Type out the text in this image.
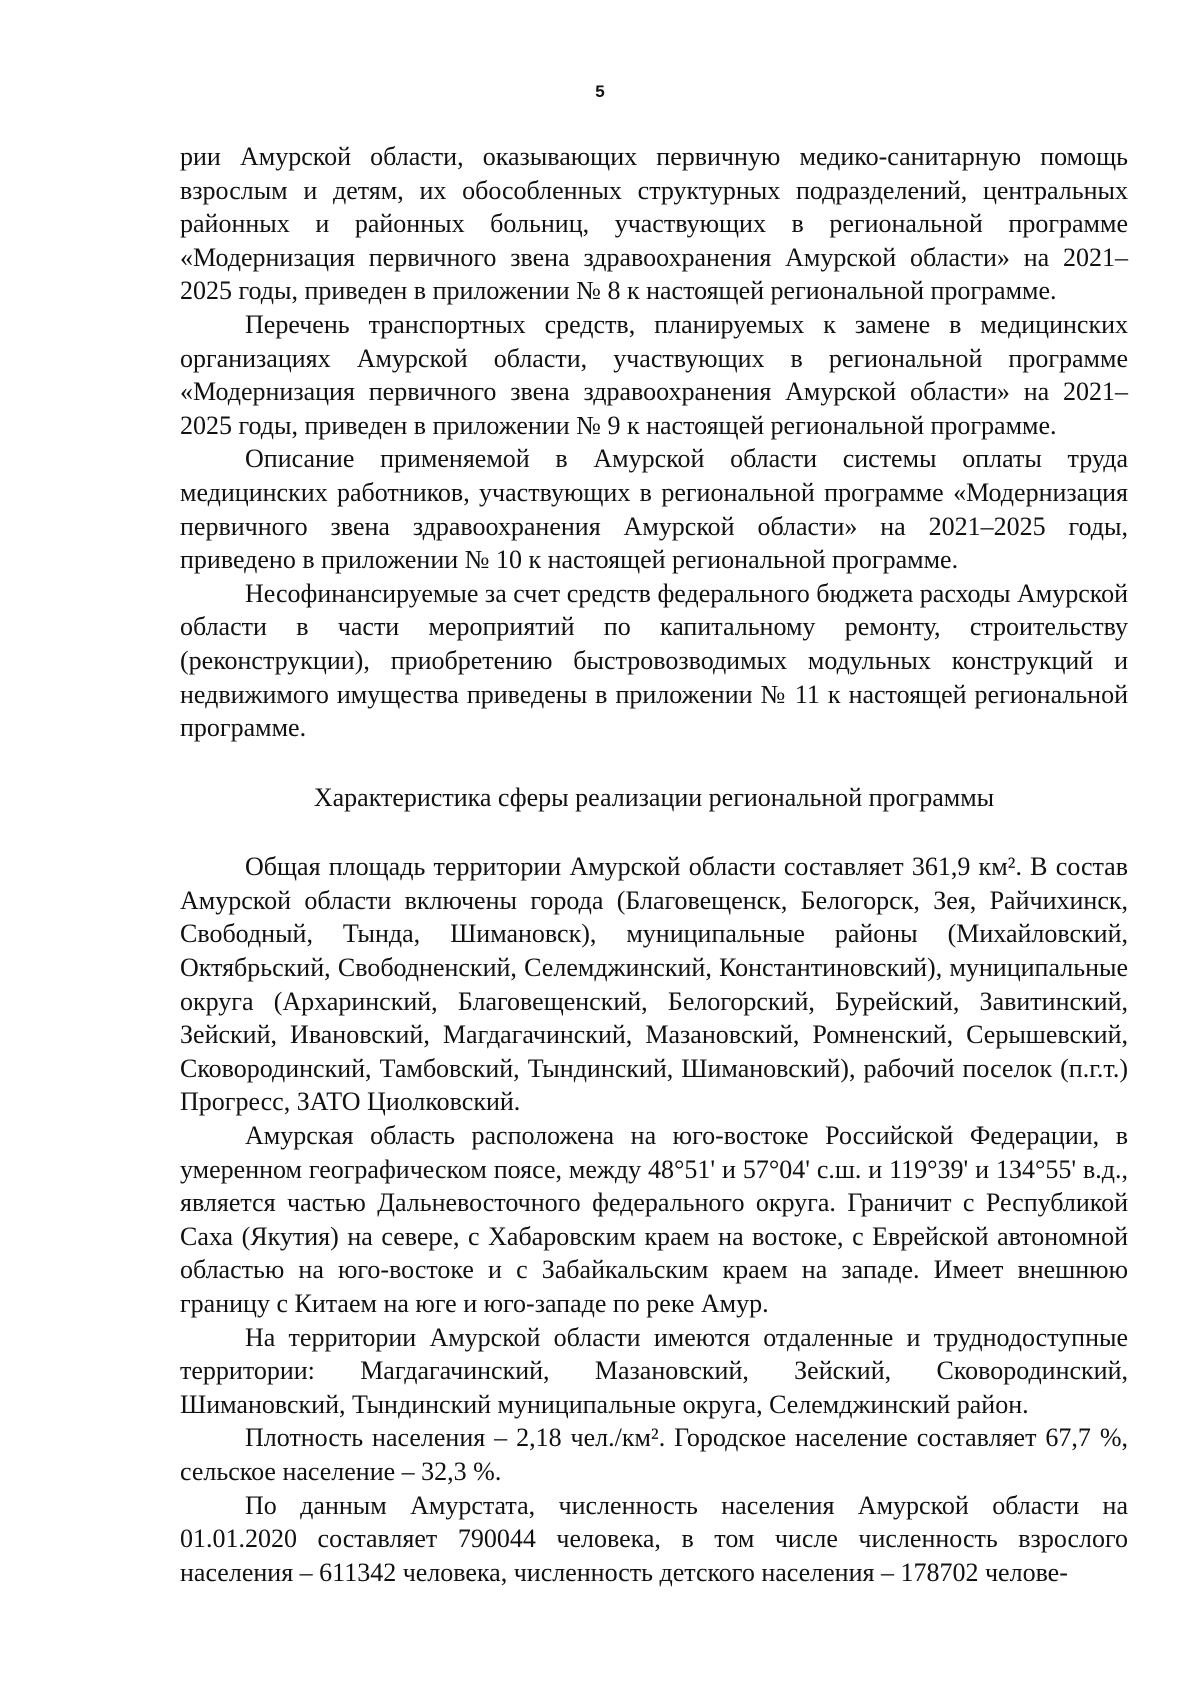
5

рии Амурской области, оказывающих первичную медико-санитарную помощь взрослым и детям, их обособленных структурных подразделений, центральных районных и районных больниц, участвующих в региональной программе «Модернизация первичного звена здравоохранения Амурской области» на 2021–2025 годы, приведен в приложении № 8 к настоящей региональной программе.

Перечень транспортных средств, планируемых к замене в медицинских организациях Амурской области, участвующих в региональной программе «Модернизация первичного звена здравоохранения Амурской области» на 2021–2025 годы, приведен в приложении № 9 к настоящей региональной программе.

Описание применяемой в Амурской области системы оплаты труда медицинских работников, участвующих в региональной программе «Модернизация первичного звена здравоохранения Амурской области» на 2021–2025 годы, приведено в приложении № 10 к настоящей региональной программе.

Несофинансируемые за счет средств федерального бюджета расходы Амурской области в части мероприятий по капитальному ремонту, строительству (реконструкции), приобретению быстровозводимых модульных конструкций и недвижимого имущества приведены в приложении № 11 к настоящей региональной программе.

Характеристика сферы реализации региональной программы

Общая площадь территории Амурской области составляет 361,9 км². В состав Амурской области включены города (Благовещенск, Белогорск, Зея, Райчихинск, Свободный, Тында, Шимановск), муниципальные районы (Михайловский, Октябрьский, Свободненский, Селемджинский, Константиновский), муниципальные округа (Архаринский, Благовещенский, Белогорский, Бурейский, Завитинский, Зейский, Ивановский, Магдагачинский, Мазановский, Ромненский, Серышевский, Сковородинский, Тамбовский, Тындинский, Шимановский), рабочий поселок (п.г.т.) Прогресс, ЗАТО Циолковский.

Амурская область расположена на юго-востоке Российской Федерации, в умеренном географическом поясе, между 48°51' и 57°04' с.ш. и 119°39' и 134°55' в.д., является частью Дальневосточного федерального округа. Граничит с Республикой Саха (Якутия) на севере, с Хабаровским краем на востоке, с Еврейской автономной областью на юго-востоке и с Забайкальским краем на западе. Имеет внешнюю границу с Китаем на юге и юго-западе по реке Амур.

На территории Амурской области имеются отдаленные и труднодоступные территории: Магдагачинский, Мазановский, Зейский, Сковородинский, Шимановский, Тындинский муниципальные округа, Селемджинский район.

Плотность населения – 2,18 чел./км². Городское население составляет 67,7 %, сельское население – 32,3 %.

По данным Амурстата, численность населения Амурской области на 01.01.2020 составляет 790044 человека, в том числе численность взрослого населения – 611342 человека, численность детского населения – 178702 челове-
